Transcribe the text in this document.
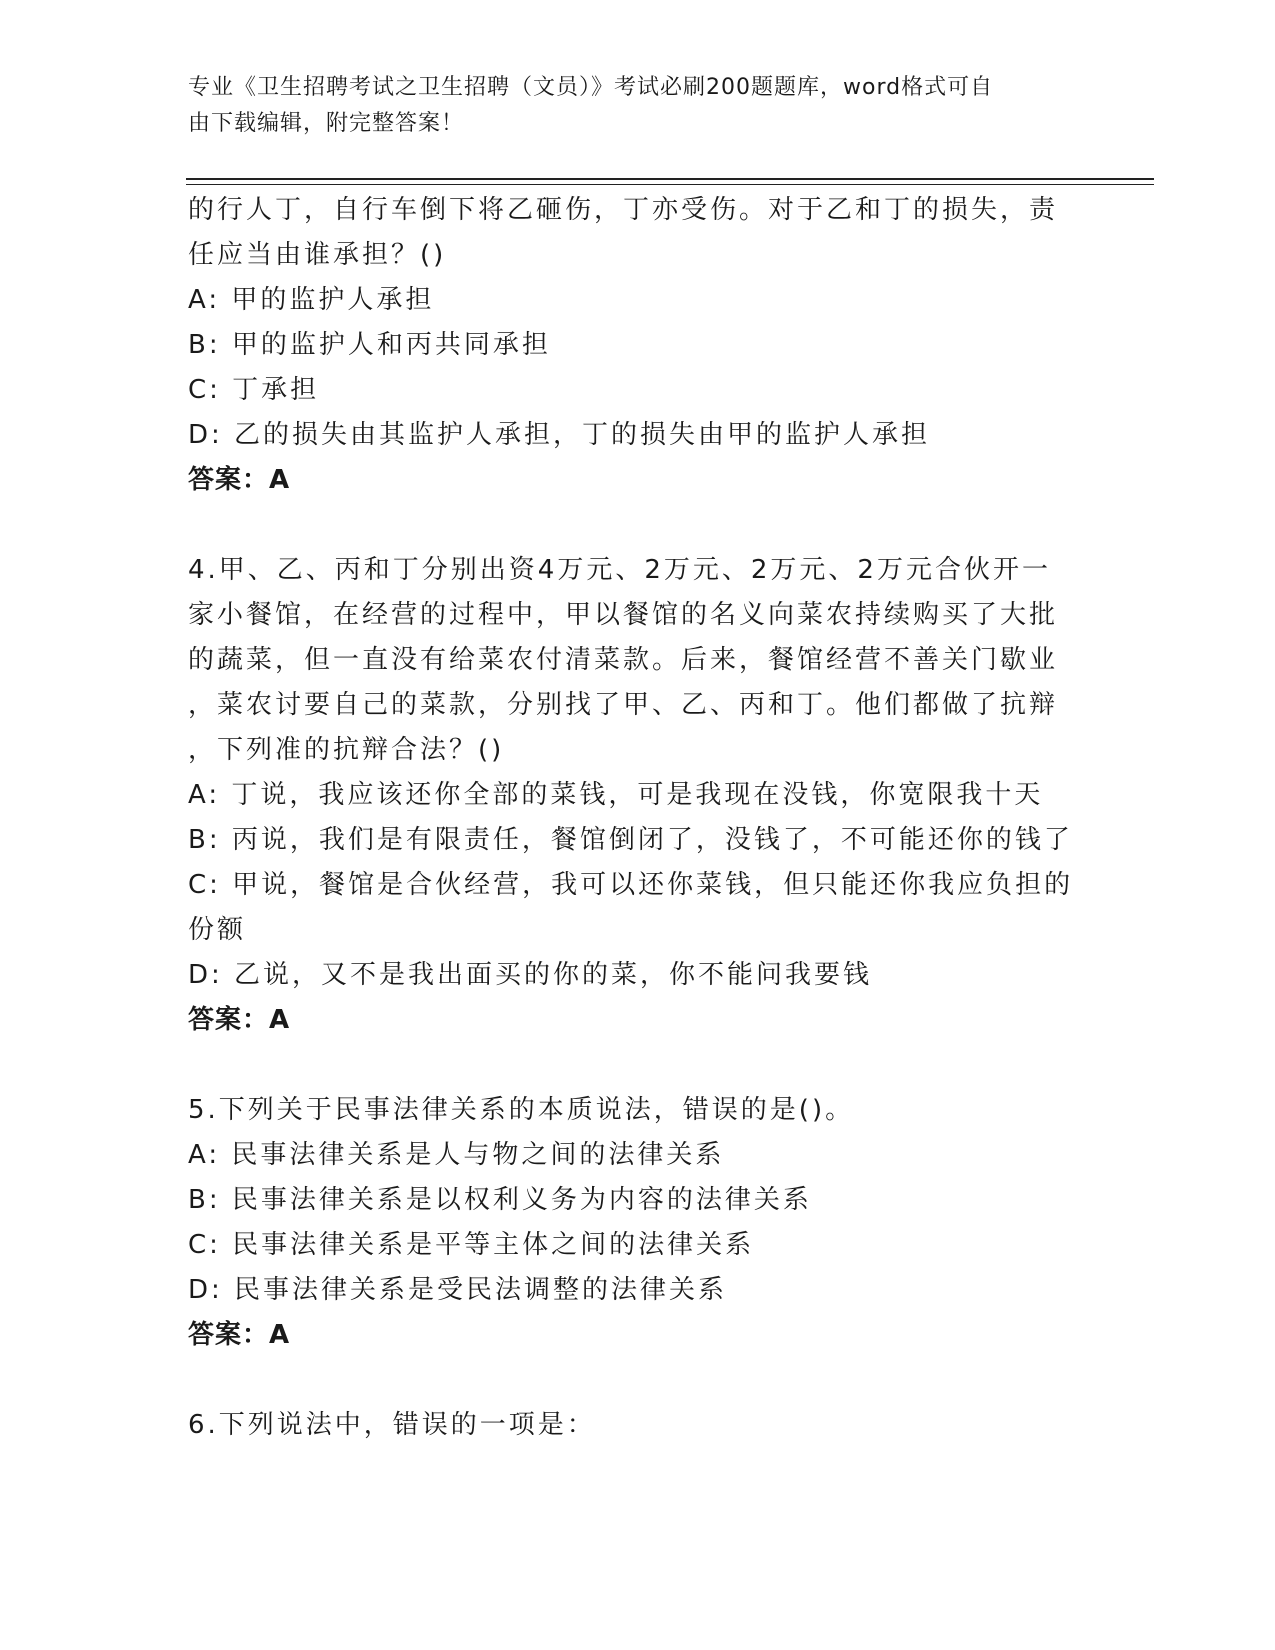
专业《卫生招聘考试之卫生招聘（文员）》考试必刷200题题库，word格式可自
由下载编辑，附完整答案！

的行人丁，自行车倒下将乙砸伤，丁亦受伤。对于乙和丁的损失，责

任应当由谁承担？()

A: 甲的监护人承担

B: 甲的监护人和丙共同承担

C: 丁承担

D: 乙的损失由其监护人承担，丁的损失由甲的监护人承担

答案：A

4.甲、乙、丙和丁分别出资4万元、2万元、2万元、2万元合伙开一

家小餐馆，在经营的过程中，甲以餐馆的名义向菜农持续购买了大批

的蔬菜，但一直没有给菜农付清菜款。后来，餐馆经营不善关门歇业

，菜农讨要自己的菜款，分别找了甲、乙、丙和丁。他们都做了抗辩

，下列准的抗辩合法？()

A: 丁说，我应该还你全部的菜钱，可是我现在没钱，你宽限我十天

B: 丙说，我们是有限责任，餐馆倒闭了，没钱了，不可能还你的钱了

C: 甲说，餐馆是合伙经营，我可以还你菜钱，但只能还你我应负担的

份额

D: 乙说，又不是我出面买的你的菜，你不能问我要钱

答案：A

5.下列关于民事法律关系的本质说法，错误的是()。

A: 民事法律关系是人与物之间的法律关系

B: 民事法律关系是以权利义务为内容的法律关系

C: 民事法律关系是平等主体之间的法律关系

D: 民事法律关系是受民法调整的法律关系

答案：A

6.下列说法中，错误的一项是：
